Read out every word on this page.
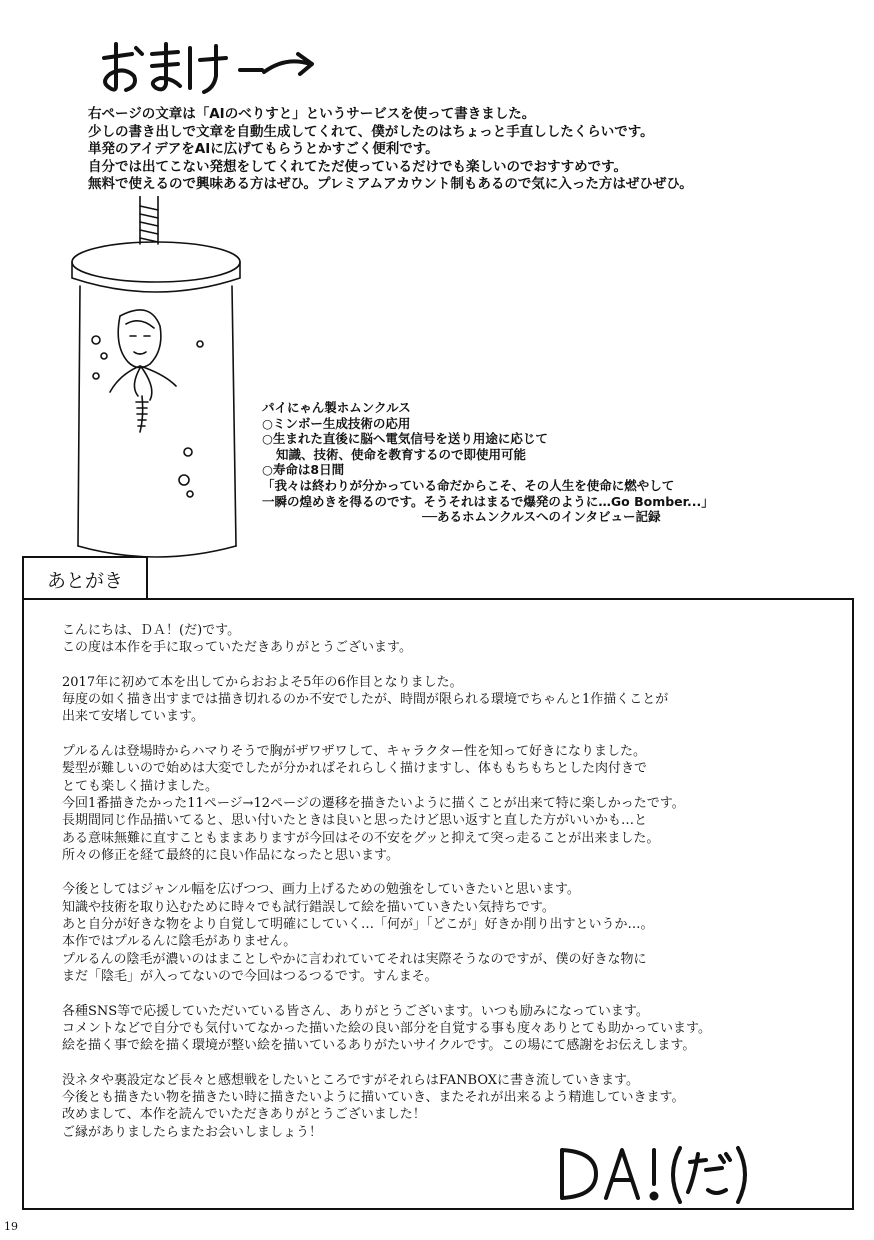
右ページの文章は「AIのべりすと」というサービスを使って書きました。
少しの書き出しで文章を自動生成してくれて、僕がしたのはちょっと手直ししたくらいです。
単発のアイデアをAIに広げてもらうとかすごく便利です。
自分では出てこない発想をしてくれてただ使っているだけでも楽しいのでおすすめです。
無料で使えるので興味ある方はぜひ。プレミアムアカウント制もあるので気に入った方はぜひぜひ。
パイにゃん製ホムンクルス
○ミンボー生成技術の応用
○生まれた直後に脳へ電気信号を送り用途に応じて
知識、技術、使命を教育するので即使用可能
○寿命は8日間
「我々は終わりが分かっている命だからこそ、その人生を使命に燃やして
一瞬の煌めきを得るのです。そうそれはまるで爆発のように…Go Bomber...」
──あるホムンクルスへのインタビュー記録
あとがき
こんにちは、ＤＡ！(だ)です。
この度は本作を手に取っていただきありがとうございます。
2017年に初めて本を出してからおおよそ5年の6作目となりました。
毎度の如く描き出すまでは描き切れるのか不安でしたが、時間が限られる環境でちゃんと1作描くことが
出来て安堵しています。
プルるんは登場時からハマりそうで胸がザワザワして、キャラクター性を知って好きになりました。
髪型が難しいので始めは大変でしたが分かればそれらしく描けますし、体ももちもちとした肉付きで
とても楽しく描けました。
今回1番描きたかった11ページ→12ページの遷移を描きたいように描くことが出来て特に楽しかったです。
長期間同じ作品描いてると、思い付いたときは良いと思ったけど思い返すと直した方がいいかも…と
ある意味無難に直すこともままありますが今回はその不安をグッと抑えて突っ走ることが出来ました。
所々の修正を経て最終的に良い作品になったと思います。
今後としてはジャンル幅を広げつつ、画力上げるための勉強をしていきたいと思います。
知識や技術を取り込むために時々でも試行錯誤して絵を描いていきたい気持ちです。
あと自分が好きな物をより自覚して明確にしていく…「何が」「どこが」好きか削り出すというか…。
本作ではプルるんに陰毛がありません。
プルるんの陰毛が濃いのはまことしやかに言われていてそれは実際そうなのですが、僕の好きな物に
まだ「陰毛」が入ってないので今回はつるつるです。すんまそ。
各種SNS等で応援していただいている皆さん、ありがとうございます。いつも励みになっています。
コメントなどで自分でも気付いてなかった描いた絵の良い部分を自覚する事も度々ありとても助かっています。
絵を描く事で絵を描く環境が整い絵を描いているありがたいサイクルです。この場にて感謝をお伝えします。
没ネタや裏設定など長々と感想戦をしたいところですがそれらはFANBOXに書き流していきます。
今後とも描きたい物を描きたい時に描きたいように描いていき、またそれが出来るよう精進していきます。
改めまして、本作を読んでいただきありがとうございました！
ご縁がありましたらまたお会いしましょう！
19
